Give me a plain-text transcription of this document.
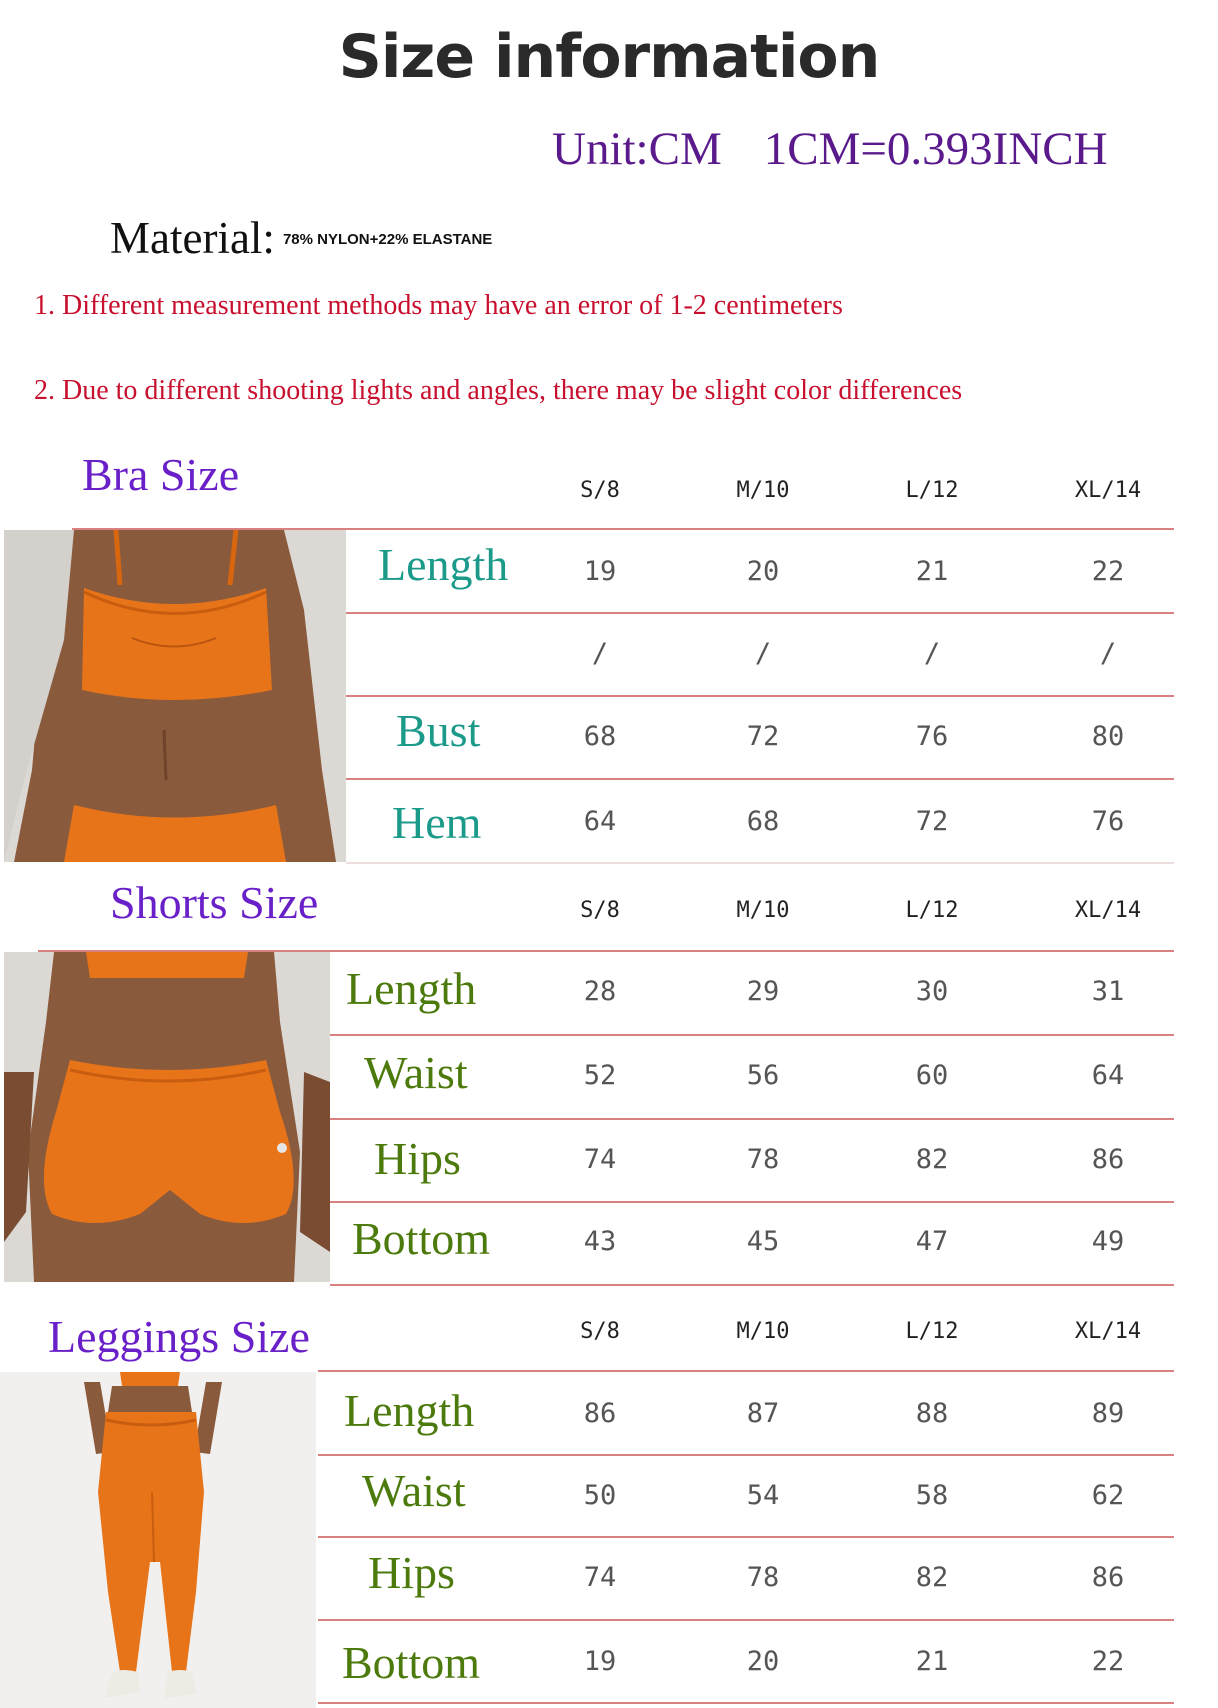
Size information
Unit:CM 1CM=0.393INCH
Material: 78% NYLON+22% ELASTANE
1. Different measurement methods may have an error of 1-2 centimeters
2. Due to different shooting lights and angles, there may be slight color differences
Bra Size	S/8	M/10	L/12	XL/14
Length	19	20	21	22
/	/	/	/
Bust	68	72	76	80
Hem	64	68	72	76
Shorts Size	S/8	M/10	L/12	XL/14
Length	28	29	30	31
Waist	52	56	60	64
Hips	74	78	82	86
Bottom	43	45	47	49
Leggings Size	S/8	M/10	L/12	XL/14
Length	86	87	88	89
Waist	50	54	58	62
Hips	74	78	82	86
Bottom	19	20	21	22
